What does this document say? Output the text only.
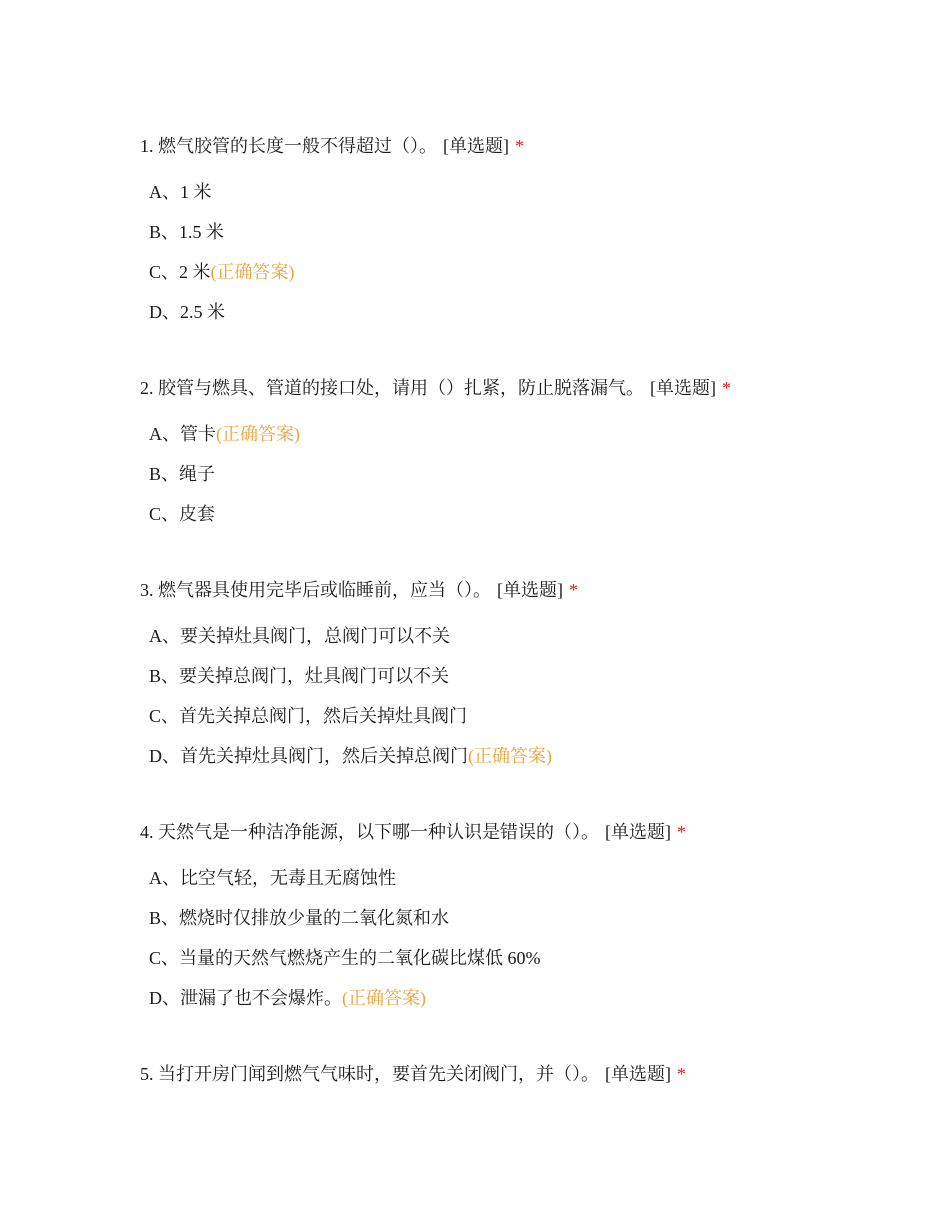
1. 燃气胶管的长度一般不得超过（）。 [单选题] *

A、1 米
B、1.5 米
C、2 米(正确答案)
D、2.5 米

2. 胶管与燃具、管道的接口处，请用（）扎紧，防止脱落漏气。 [单选题] *

A、管卡(正确答案)
B、绳子
C、皮套

3. 燃气器具使用完毕后或临睡前，应当（）。 [单选题] *

A、要关掉灶具阀门，总阀门可以不关
B、要关掉总阀门，灶具阀门可以不关
C、首先关掉总阀门，然后关掉灶具阀门
D、首先关掉灶具阀门，然后关掉总阀门(正确答案)

4. 天然气是一种洁净能源，以下哪一种认识是错误的（）。 [单选题] *

A、比空气轻，无毒且无腐蚀性
B、燃烧时仅排放少量的二氧化氮和水
C、当量的天然气燃烧产生的二氧化碳比煤低 60%
D、泄漏了也不会爆炸。(正确答案)

5. 当打开房门闻到燃气气味时，要首先关闭阀门，并（）。 [单选题] *
